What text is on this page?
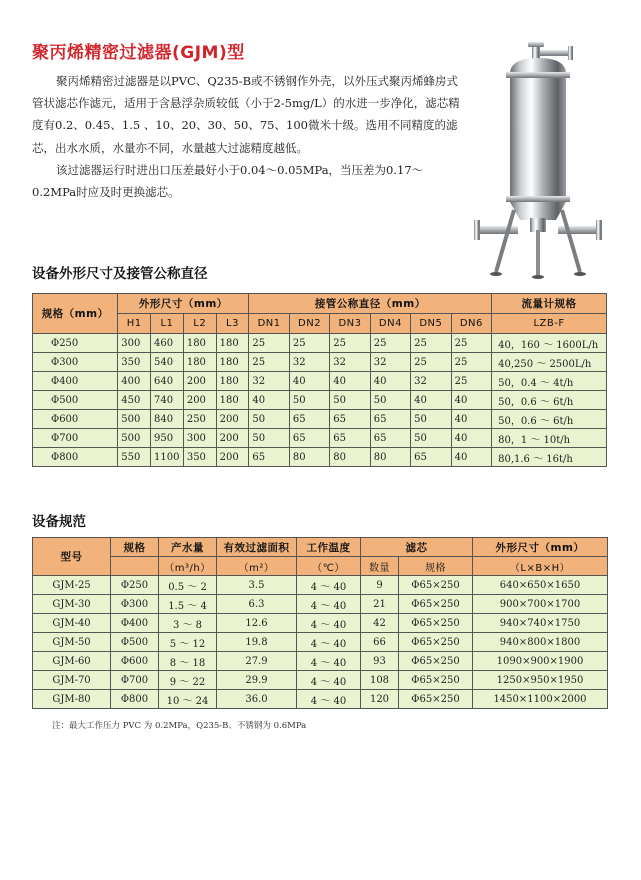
聚丙烯精密过滤器(GJM)型

聚丙烯精密过滤器是以PVC、Q235-B或不锈钢作外壳，以外压式聚丙烯蜂房式管状滤芯作滤元，适用于含悬浮杂质较低（小于2-5mg/L）的水进一步净化，滤芯精度有0.2、0.45、1.5 、10、20、30、50、75、100微米十级。选用不同精度的滤芯，出水水质，水量亦不同，水量越大过滤精度越低。

该过滤器运行时进出口压差最好小于0.04～0.05MPa，当压差为0.17～0.2MPa时应及时更换滤芯。

设备外形尺寸及接管公称直径
规格（mm）	外形尺寸（mm）				接管公称直径（mm）						流量计规格
	H1	L1	L2	L3	DN1	DN2	DN3	DN4	DN5	DN6	LZB-F
Φ250	300	460	180	180	25	25	25	25	25	25	40，160 ～ 1600L/h
Φ300	350	540	180	180	25	32	32	32	25	25	40,250 ～ 2500L/h
Φ400	400	640	200	180	32	40	40	40	32	25	50，0.4 ～ 4t/h
Φ500	450	740	200	180	40	50	50	50	40	40	50，0.6 ～ 6t/h
Φ600	500	840	250	200	50	65	65	65	50	40	50，0.6 ～ 6t/h
Φ700	500	950	300	200	50	65	65	65	50	40	80，1 ～ 10t/h
Φ800	550	1100	350	200	65	80	80	80	65	40	80,1.6 ～ 16t/h
设备规范
型号	规格	产水量	有效过滤面积	工作温度	滤芯		外形尺寸（mm）
		（m³/h）	（m²）	（℃）	数量	规格	（L×B×H）
GJM-25	Φ250	0.5 ～ 2	3.5	4 ～ 40	9	Φ65×250	640×650×1650
GJM-30	Φ300	1.5 ～ 4	6.3	4 ～ 40	21	Φ65×250	900×700×1700
GJM-40	Φ400	3 ～ 8	12.6	4 ～ 40	42	Φ65×250	940×740×1750
GJM-50	Φ500	5 ～ 12	19.8	4 ～ 40	66	Φ65×250	940×800×1800
GJM-60	Φ600	8 ～ 18	27.9	4 ～ 40	93	Φ65×250	1090×900×1900
GJM-70	Φ700	9 ～ 22	29.9	4 ～ 40	108	Φ65×250	1250×950×1950
GJM-80	Φ800	10 ～ 24	36.0	4 ～ 40	120	Φ65×250	1450×1100×2000
注：最大工作压力 PVC 为 0.2MPa，Q235-B、不锈钢为 0.6MPa
